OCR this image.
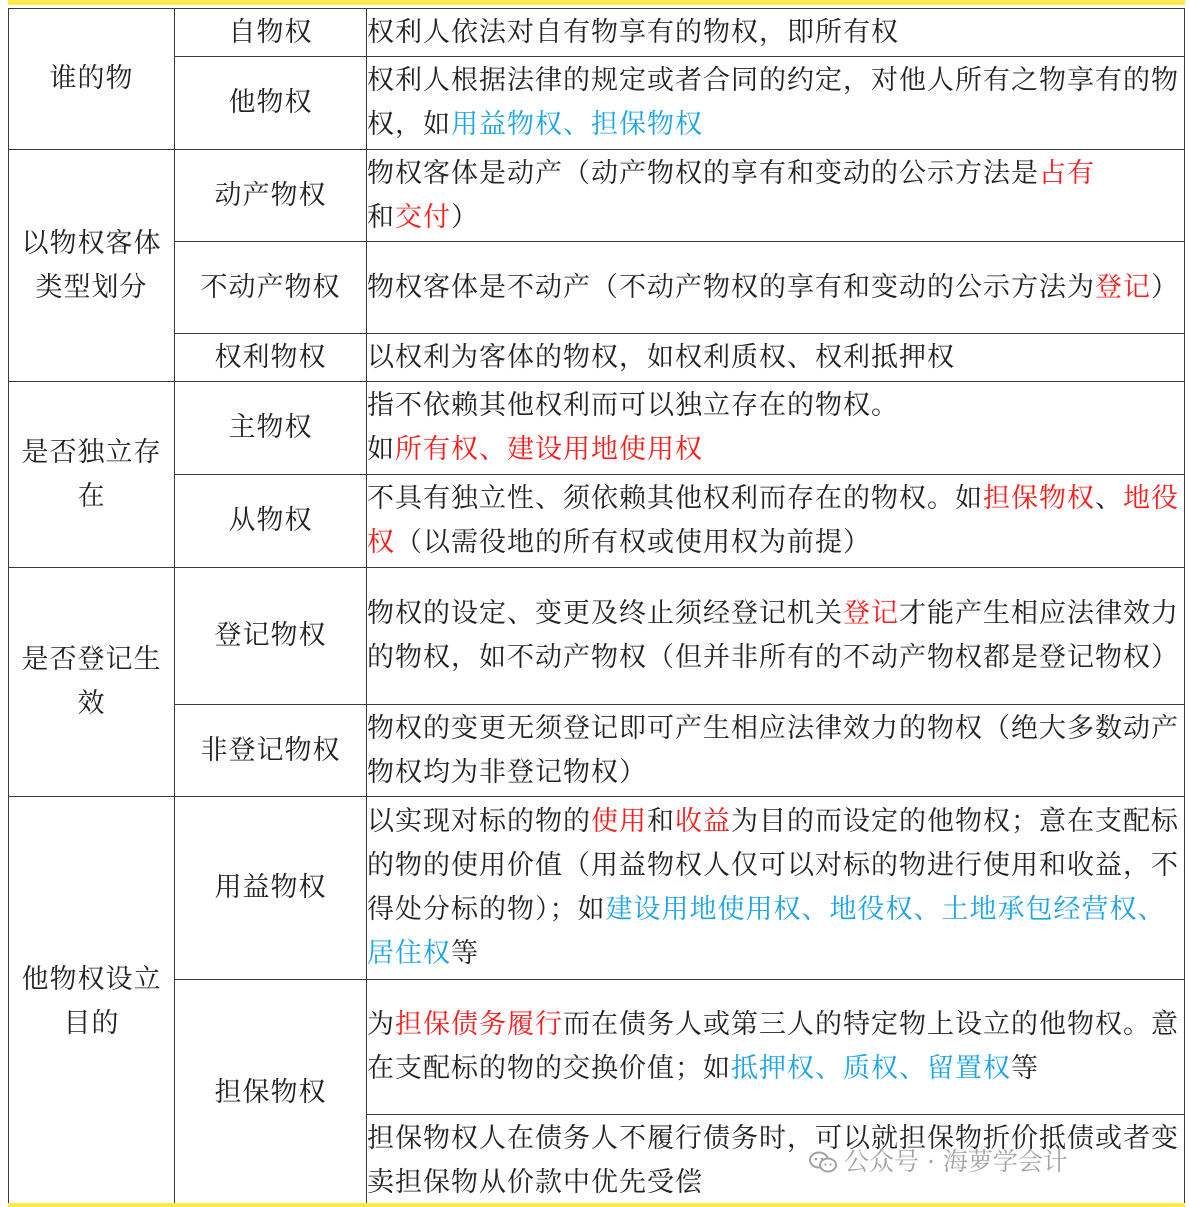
谁的物	自物权	权利人依法对自有物享有的物权，即所有权
	他物权	权利人根据法律的规定或者合同的约定，对他人所有之物享有的物权，如用益物权、担保物权
以物权客体类型划分	动产物权	物权客体是动产（动产物权的享有和变动的公示方法是占有
和交付）
	不动产物权	物权客体是不动产（不动产物权的享有和变动的公示方法为登记）
	权利物权	以权利为客体的物权，如权利质权、权利抵押权
是否独立存在	主物权	指不依赖其他权利而可以独立存在的物权。
如所有权、建设用地使用权
	从物权	不具有独立性、须依赖其他权利而存在的物权。如担保物权、地役权（以需役地的所有权或使用权为前提）
是否登记生效	登记物权	物权的设定、变更及终止须经登记机关登记才能产生相应法律效力的物权，如不动产物权（但并非所有的不动产物权都是登记物权）
	非登记物权	物权的变更无须登记即可产生相应法律效力的物权（绝大多数动产物权均为非登记物权）
他物权设立目的	用益物权	以实现对标的物的使用和收益为目的而设定的他物权；意在支配标的物的使用价值（用益物权人仅可以对标的物进行使用和收益，不得处分标的物）；如建设用地使用权、地役权、土地承包经营权、居住权等
	担保物权	为担保债务履行而在债务人或第三人的特定物上设立的他物权。意在支配标的物的交换价值；如抵押权、质权、留置权等
		担保物权人在债务人不履行债务时，可以就担保物折价抵债或者变卖担保物从价款中优先受偿
公众号 · 海萝学会计
